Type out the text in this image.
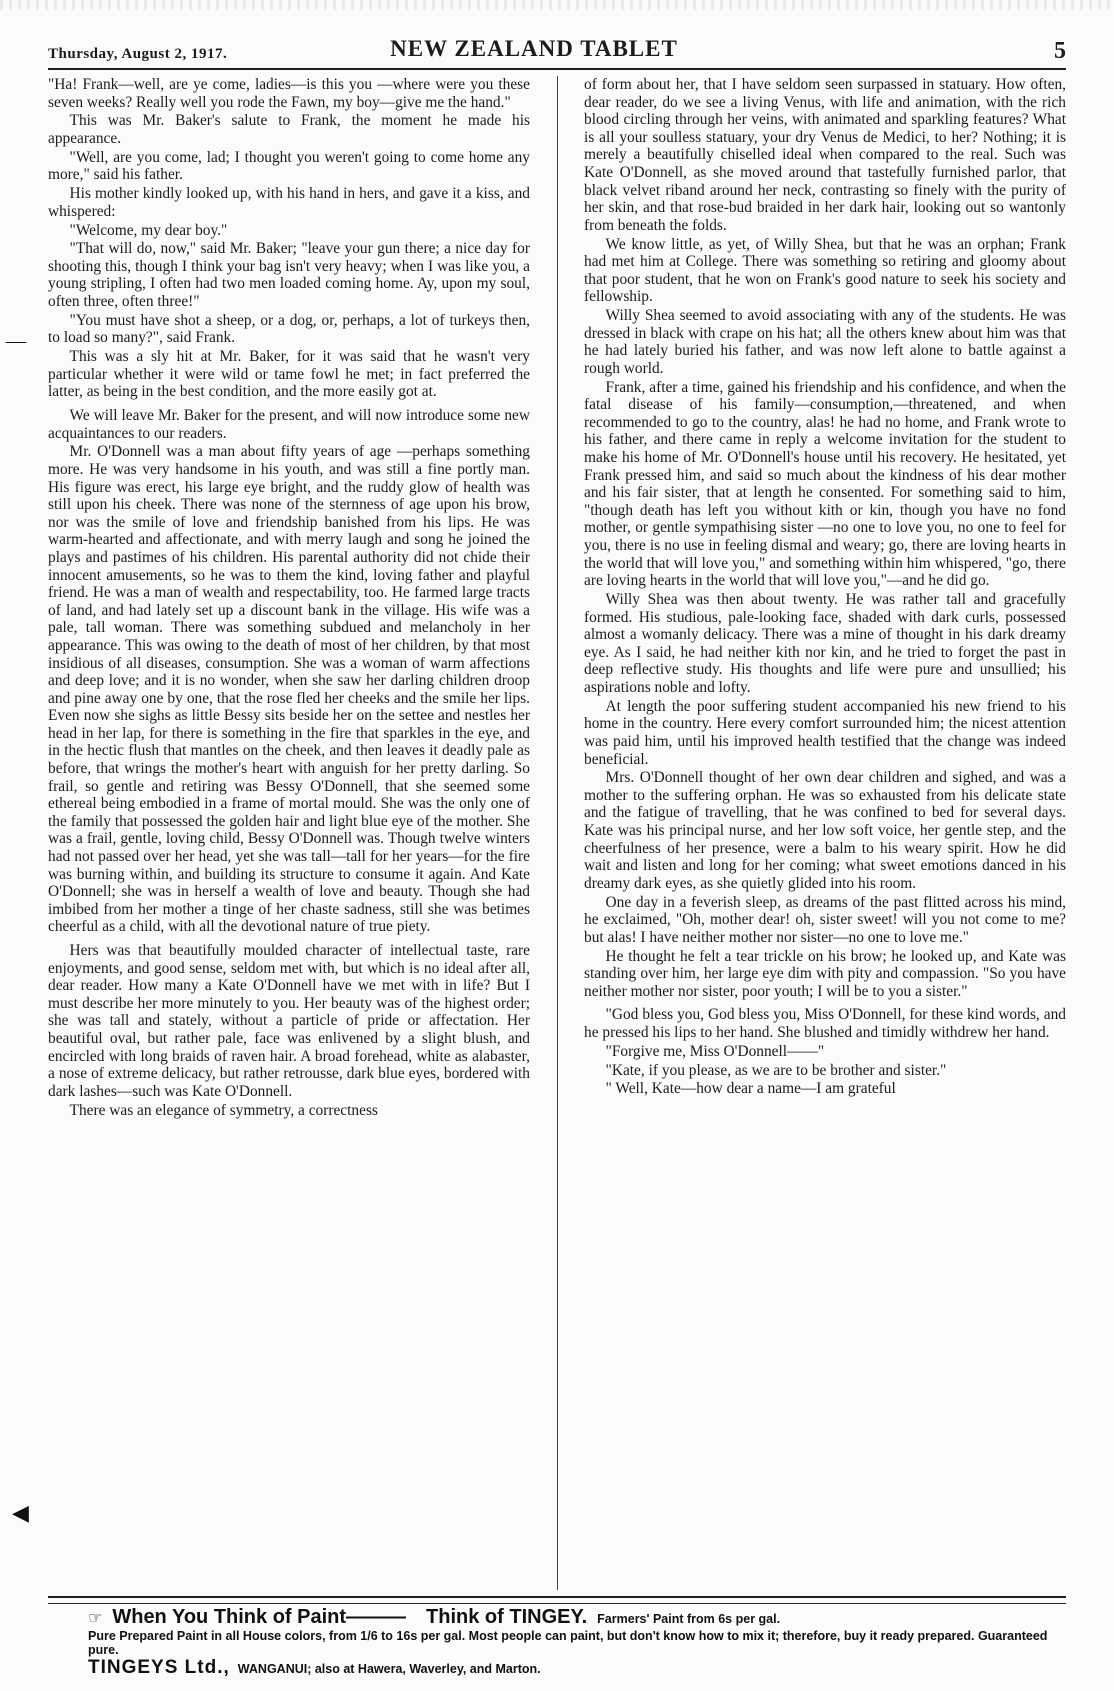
Thursday, August 2, 1917.	NEW ZEALAND TABLET	5

"Ha! Frank—well, are ye come, ladies—is this you —where were you these seven weeks? Really well you rode the Fawn, my boy—give me the hand."

This was Mr. Baker's salute to Frank, the moment he made his appearance.

"Well, are you come, lad; I thought you weren't going to come home any more," said his father.

His mother kindly looked up, with his hand in hers, and gave it a kiss, and whispered:

"Welcome, my dear boy."

"That will do, now," said Mr. Baker; "leave your gun there; a nice day for shooting this, though I think your bag isn't very heavy; when I was like you, a young stripling, I often had two men loaded coming home. Ay, upon my soul, often three, often three!"

"You must have shot a sheep, or a dog, or, perhaps, a lot of turkeys then, to load so many?", said Frank.

This was a sly hit at Mr. Baker, for it was said that he wasn't very particular whether it were wild or tame fowl he met; in fact preferred the latter, as being in the best condition, and the more easily got at.

We will leave Mr. Baker for the present, and will now introduce some new acquaintances to our readers.

Mr. O'Donnell was a man about fifty years of age —perhaps something more. He was very handsome in his youth, and was still a fine portly man. His figure was erect, his large eye bright, and the ruddy glow of health was still upon his cheek. There was none of the sternness of age upon his brow, nor was the smile of love and friendship banished from his lips. He was warm-hearted and affectionate, and with merry laugh and song he joined the plays and pastimes of his children. His parental authority did not chide their innocent amusements, so he was to them the kind, loving father and playful friend. He was a man of wealth and respectability, too. He farmed large tracts of land, and had lately set up a discount bank in the village. His wife was a pale, tall woman. There was something subdued and melancholy in her appearance. This was owing to the death of most of her children, by that most insidious of all diseases, consumption. She was a woman of warm affections and deep love; and it is no wonder, when she saw her darling children droop and pine away one by one, that the rose fled her cheeks and the smile her lips. Even now she sighs as little Bessy sits beside her on the settee and nestles her head in her lap, for there is something in the fire that sparkles in the eye, and in the hectic flush that mantles on the cheek, and then leaves it deadly pale as before, that wrings the mother's heart with anguish for her pretty darling. So frail, so gentle and retiring was Bessy O'Donnell, that she seemed some ethereal being embodied in a frame of mortal mould. She was the only one of the family that possessed the golden hair and light blue eye of the mother. She was a frail, gentle, loving child, Bessy O'Donnell was. Though twelve winters had not passed over her head, yet she was tall—tall for her years—for the fire was burning within, and building its structure to consume it again. And Kate O'Donnell; she was in herself a wealth of love and beauty. Though she had imbibed from her mother a tinge of her chaste sadness, still she was betimes cheerful as a child, with all the devotional nature of true piety.

Hers was that beautifully moulded character of intellectual taste, rare enjoyments, and good sense, seldom met with, but which is no ideal after all, dear reader. How many a Kate O'Donnell have we met with in life? But I must describe her more minutely to you. Her beauty was of the highest order; she was tall and stately, without a particle of pride or affectation. Her beautiful oval, but rather pale, face was enlivened by a slight blush, and encircled with long braids of raven hair. A broad forehead, white as alabaster, a nose of extreme delicacy, but rather retrousse, dark blue eyes, bordered with dark lashes—such was Kate O'Donnell.

There was an elegance of symmetry, a correctness

of form about her, that I have seldom seen surpassed in statuary. How often, dear reader, do we see a living Venus, with life and animation, with the rich blood circling through her veins, with animated and sparkling features? What is all your soulless statuary, your dry Venus de Medici, to her? Nothing; it is merely a beautifully chiselled ideal when compared to the real. Such was Kate O'Donnell, as she moved around that tastefully furnished parlor, that black velvet riband around her neck, contrasting so finely with the purity of her skin, and that rose-bud braided in her dark hair, looking out so wantonly from beneath the folds.

We know little, as yet, of Willy Shea, but that he was an orphan; Frank had met him at College. There was something so retiring and gloomy about that poor student, that he won on Frank's good nature to seek his society and fellowship.

Willy Shea seemed to avoid associating with any of the students. He was dressed in black with crape on his hat; all the others knew about him was that he had lately buried his father, and was now left alone to battle against a rough world.

Frank, after a time, gained his friendship and his confidence, and when the fatal disease of his family—consumption,—threatened, and when recommended to go to the country, alas! he had no home, and Frank wrote to his father, and there came in reply a welcome invitation for the student to make his home of Mr. O'Donnell's house until his recovery. He hesitated, yet Frank pressed him, and said so much about the kindness of his dear mother and his fair sister, that at length he consented. For something said to him, "though death has left you without kith or kin, though you have no fond mother, or gentle sympathising sister —no one to love you, no one to feel for you, there is no use in feeling dismal and weary; go, there are loving hearts in the world that will love you," and something within him whispered, "go, there are loving hearts in the world that will love you,"—and he did go.

Willy Shea was then about twenty. He was rather tall and gracefully formed. His studious, pale-looking face, shaded with dark curls, possessed almost a womanly delicacy. There was a mine of thought in his dark dreamy eye. As I said, he had neither kith nor kin, and he tried to forget the past in deep reflective study. His thoughts and life were pure and unsullied; his aspirations noble and lofty.

At length the poor suffering student accompanied his new friend to his home in the country. Here every comfort surrounded him; the nicest attention was paid him, until his improved health testified that the change was indeed beneficial.

Mrs. O'Donnell thought of her own dear children and sighed, and was a mother to the suffering orphan. He was so exhausted from his delicate state and the fatigue of travelling, that he was confined to bed for several days. Kate was his principal nurse, and her low soft voice, her gentle step, and the cheerfulness of her presence, were a balm to his weary spirit. How he did wait and listen and long for her coming; what sweet emotions danced in his dreamy dark eyes, as she quietly glided into his room.

One day in a feverish sleep, as dreams of the past flitted across his mind, he exclaimed, "Oh, mother dear! oh, sister sweet! will you not come to me? but alas! I have neither mother nor sister—no one to love me."

He thought he felt a tear trickle on his brow; he looked up, and Kate was standing over him, her large eye dim with pity and compassion. "So you have neither mother nor sister, poor youth; I will be to you a sister."

"God bless you, God bless you, Miss O'Donnell, for these kind words, and he pressed his lips to her hand. She blushed and timidly withdrew her hand.

"Forgive me, Miss O'Donnell——"

"Kate, if you please, as we are to be brother and sister."

" Well, Kate—how dear a name—I am grateful

—
◀
☞ When You Think of Paint——— Think of TINGEY. Farmers' Paint from 6s per gal.
Pure Prepared Paint in all House colors, from 1/6 to 16s per gal. Most people can paint, but don't know how to mix it; therefore, buy it ready prepared. Guaranteed pure.
TINGEYS Ltd., WANGANUI; also at Hawera, Waverley, and Marton.
